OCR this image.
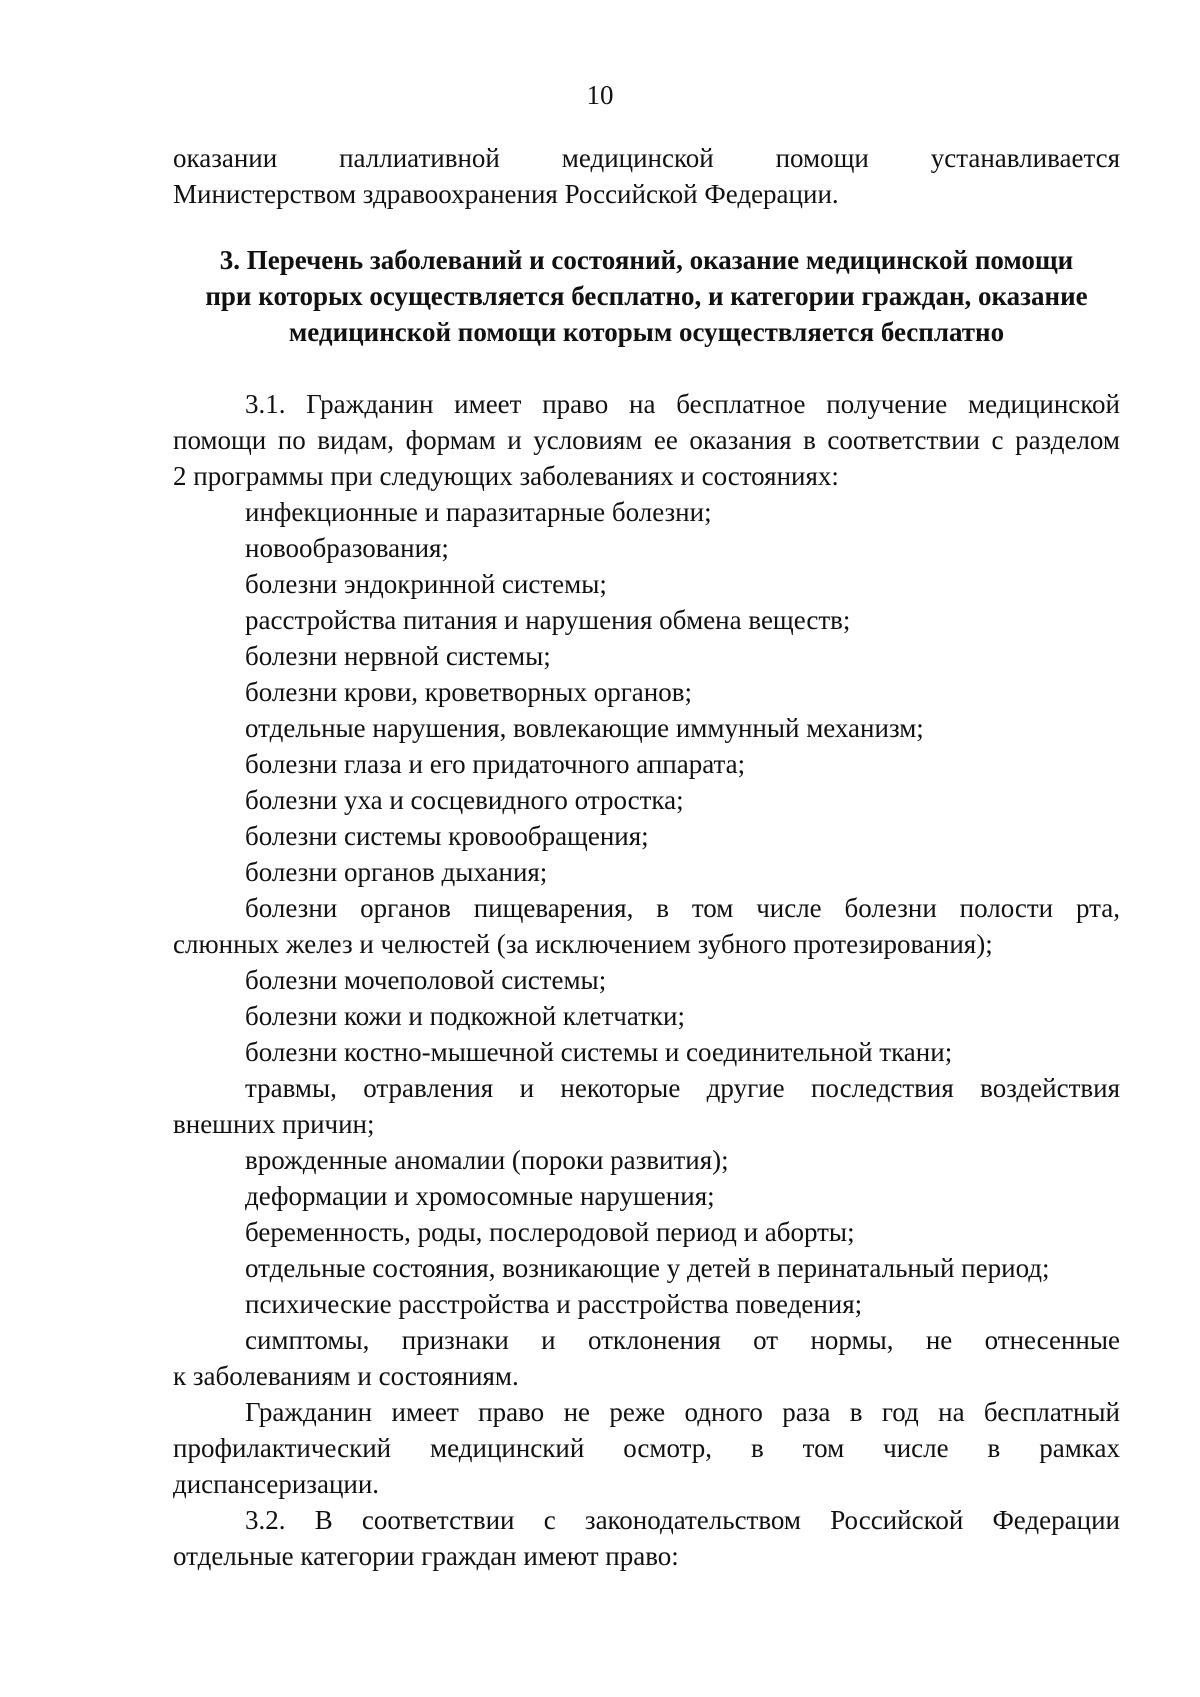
10
оказании паллиативной медицинской помощи устанавливается
Министерством здравоохранения Российской Федерации.
3. Перечень заболеваний и состояний, оказание медицинской помощи
при которых осуществляется бесплатно, и категории граждан, оказание
медицинской помощи которым осуществляется бесплатно
3.1. Гражданин имеет право на бесплатное получение медицинской
помощи по видам, формам и условиям ее оказания в соответствии с разделом
2 программы при следующих заболеваниях и состояниях:
инфекционные и паразитарные болезни;
новообразования;
болезни эндокринной системы;
расстройства питания и нарушения обмена веществ;
болезни нервной системы;
болезни крови, кроветворных органов;
отдельные нарушения, вовлекающие иммунный механизм;
болезни глаза и его придаточного аппарата;
болезни уха и сосцевидного отростка;
болезни системы кровообращения;
болезни органов дыхания;
болезни органов пищеварения, в том числе болезни полости рта,
слюнных желез и челюстей (за исключением зубного протезирования);
болезни мочеполовой системы;
болезни кожи и подкожной клетчатки;
болезни костно-мышечной системы и соединительной ткани;
травмы, отравления и некоторые другие последствия воздействия
внешних причин;
врожденные аномалии (пороки развития);
деформации и хромосомные нарушения;
беременность, роды, послеродовой период и аборты;
отдельные состояния, возникающие у детей в перинатальный период;
психические расстройства и расстройства поведения;
симптомы, признаки и отклонения от нормы, не отнесенные
к заболеваниям и состояниям.
Гражданин имеет право не реже одного раза в год на бесплатный
профилактический медицинский осмотр, в том числе в рамках
диспансеризации.
3.2. В соответствии с законодательством Российской Федерации
отдельные категории граждан имеют право:
